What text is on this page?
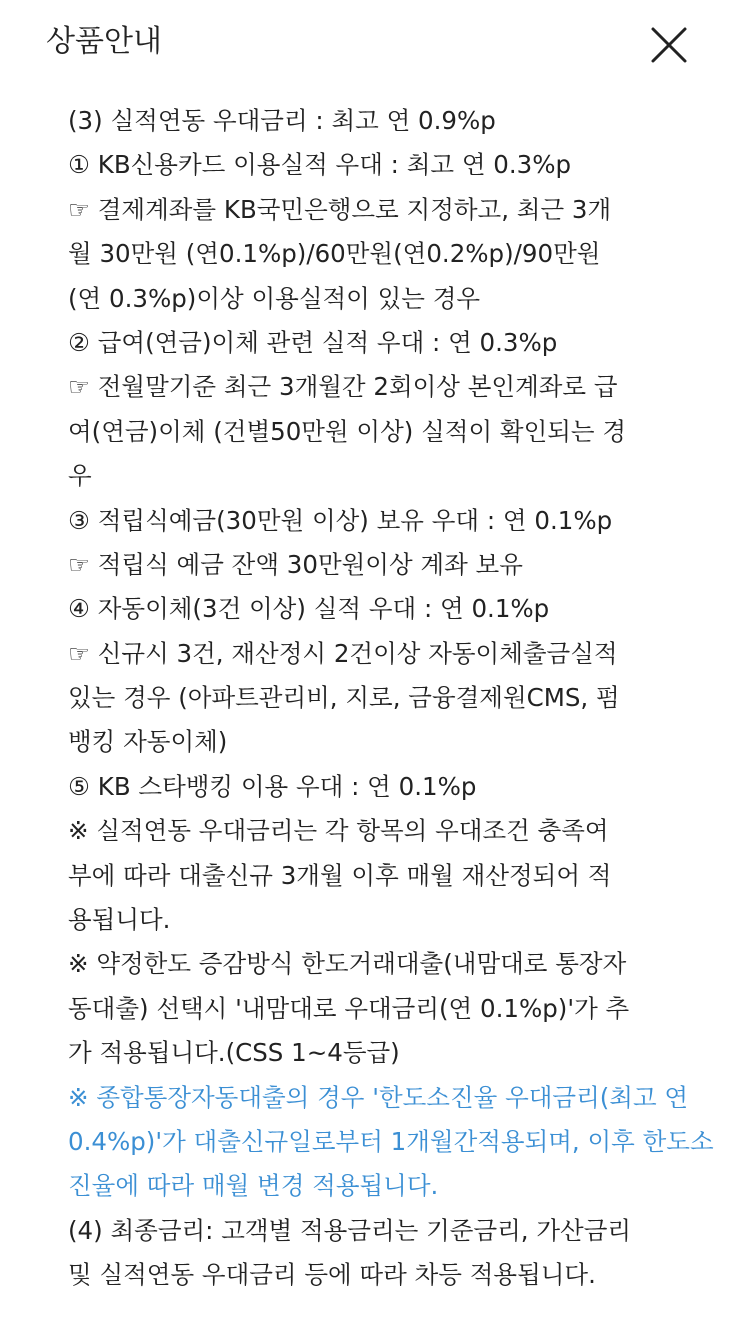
상품안내
(3) 실적연동 우대금리 : 최고 연 0.9%p
① KB신용카드 이용실적 우대 : 최고 연 0.3%p
☞ 결제계좌를 KB국민은행으로 지정하고, 최근 3개
월 30만원 (연0.1%p)/60만원(연0.2%p)/90만원
(연 0.3%p)이상 이용실적이 있는 경우
② 급여(연금)이체 관련 실적 우대 : 연 0.3%p
☞ 전월말기준 최근 3개월간 2회이상 본인계좌로 급
여(연금)이체 (건별50만원 이상) 실적이 확인되는 경
우
③ 적립식예금(30만원 이상) 보유 우대 : 연 0.1%p
☞ 적립식 예금 잔액 30만원이상 계좌 보유
④ 자동이체(3건 이상) 실적 우대 : 연 0.1%p
☞ 신규시 3건, 재산정시 2건이상 자동이체출금실적
있는 경우 (아파트관리비, 지로, 금융결제원CMS, 펌
뱅킹 자동이체)
⑤ KB 스타뱅킹 이용 우대 : 연 0.1%p
※ 실적연동 우대금리는 각 항목의 우대조건 충족여
부에 따라 대출신규 3개월 이후 매월 재산정되어 적
용됩니다.
※ 약정한도 증감방식 한도거래대출(내맘대로 통장자
동대출) 선택시 '내맘대로 우대금리(연 0.1%p)'가 추
가 적용됩니다.(CSS 1~4등급)
※ 종합통장자동대출의 경우 '한도소진율 우대금리(최고 연
0.4%p)'가 대출신규일로부터 1개월간적용되며, 이후 한도소
진율에 따라 매월 변경 적용됩니다.
(4) 최종금리: 고객별 적용금리는 기준금리, 가산금리
및 실적연동 우대금리 등에 따라 차등 적용됩니다.
